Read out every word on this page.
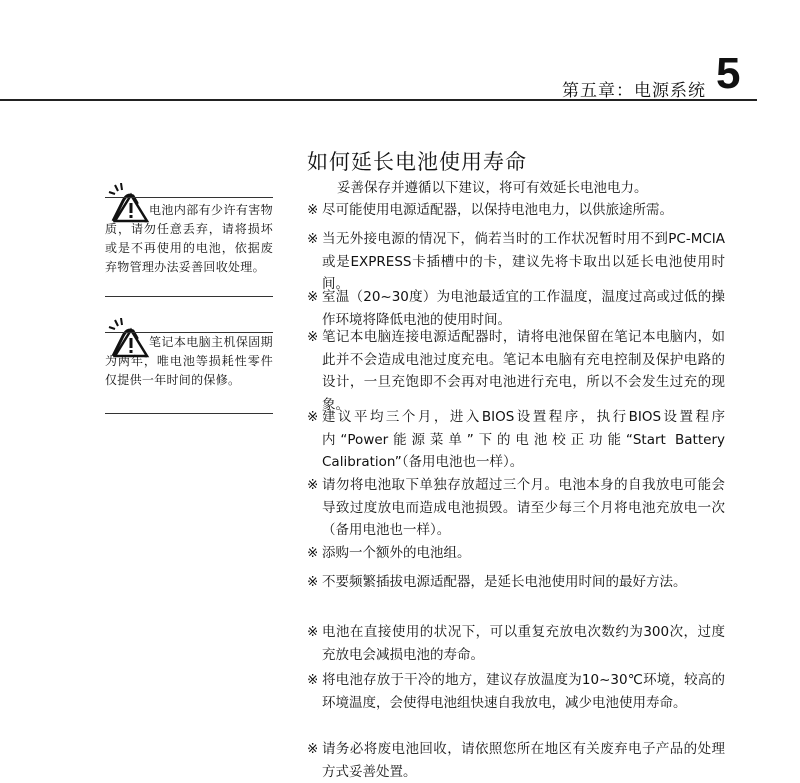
第五章：电源系统 5
如何延长电池使用寿命
妥善保存并遵循以下建议，将可有效延长电池电力。
※ 尽可能使用电源适配器，以保持电池电力，以供旅途所需。
※ 当无外接电源的情况下，倘若当时的工作状况暂时用不到PC-MCIA或是EXPRESS卡插槽中的卡，建议先将卡取出以延长电池使用时间。
※ 室温（20~30度）为电池最适宜的工作温度，温度过高或过低的操作环境将降低电池的使用时间。
※ 笔记本电脑连接电源适配器时，请将电池保留在笔记本电脑内，如此并不会造成电池过度充电。笔记本电脑有充电控制及保护电路的设计，一旦充饱即不会再对电池进行充电，所以不会发生过充的现象。
※ 建议平均三个月，进入BIOS设置程序，执行BIOS设置程序内“Power能源菜单”下的电池校正功能“Start Battery Calibration”（备用电池也一样）。
※ 请勿将电池取下单独存放超过三个月。电池本身的自我放电可能会导致过度放电而造成电池损毁。请至少每三个月将电池充放电一次（备用电池也一样）。
※ 添购一个额外的电池组。
※ 不要频繁插拔电源适配器，是延长电池使用时间的最好方法。
※ 电池在直接使用的状况下，可以重复充放电次数约为300次，过度充放电会减损电池的寿命。
※ 将电池存放于干冷的地方，建议存放温度为10~30℃环境，较高的环境温度，会使得电池组快速自我放电，减少电池使用寿命。
※ 请务必将废电池回收，请依照您所在地区有关废弃电子产品的处理方式妥善处置。
电池内部有少许有害物质，请勿任意丢弃，请将损坏或是不再使用的电池，依据废弃物管理办法妥善回收处理。
笔记本电脑主机保固期为两年，唯电池等损耗性零件仅提供一年时间的保修。
